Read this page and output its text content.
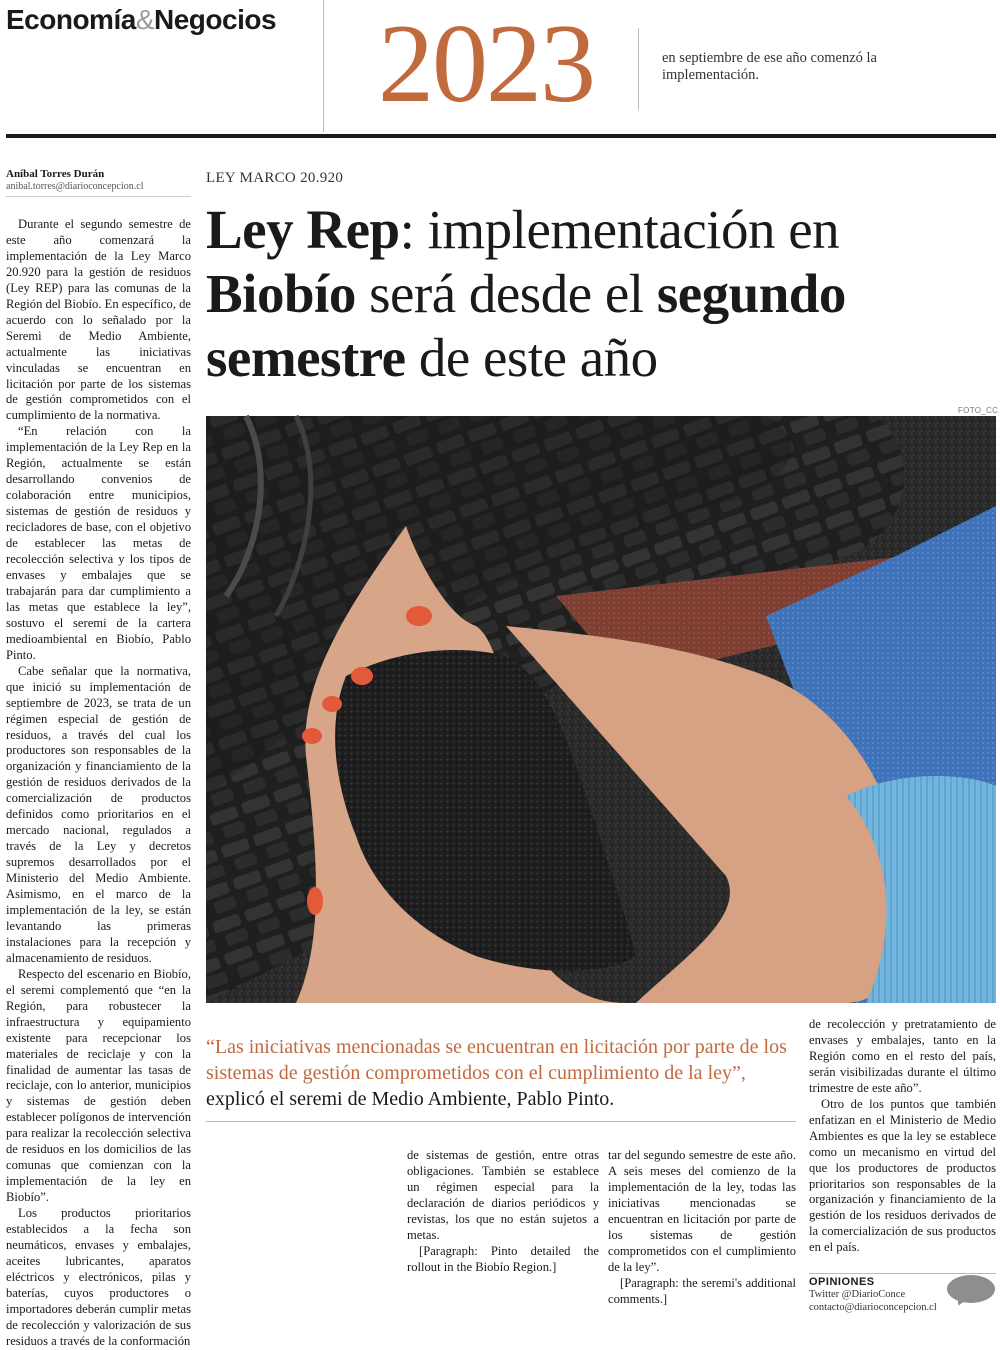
Economía&Negocios 2023	en septiembre de ese año comenzó la implementación.
Aníbal Torres Durán
anibal.torres@diarioconcepcion.cl

Durante el segundo semestre de este año comenzará la implementación de la Ley Marco 20.920 para la gestión de residuos (Ley REP) para las comunas de la Región del Biobío. En específico, de acuerdo con lo señalado por la Seremi de Medio Ambiente, actualmente las iniciativas vinculadas se encuentran en licitación por parte de los sistemas de gestión comprometidos con el cumplimiento de la normativa.

“En relación con la implementación de la Ley Rep en la Región, actualmente se están desarrollando convenios de colaboración entre municipios, sistemas de gestión de residuos y recicladores de base, con el objetivo de establecer las metas de recolección selectiva y los tipos de envases y embalajes que se trabajarán para dar cumplimiento a las metas que establece la ley”, sostuvo el seremi de la cartera medioambiental en Biobío, Pablo Pinto.

Cabe señalar que la normativa, que inició su implementación de septiembre de 2023, se trata de un régimen especial de gestión de residuos, a través del cual los productores son responsables de la organización y financiamiento de la gestión de residuos derivados de la comercialización de productos definidos como prioritarios en el mercado nacional, regulados a través de la Ley y decretos supremos desarrollados por el Ministerio del Medio Ambiente. Asimismo, en el marco de la implementación de la ley, se están levantando las primeras instalaciones para la recepción y almacenamiento de residuos.

Respecto del escenario en Biobío, el seremi complementó que “en la Región, para robustecer la infraestructura y equipamiento existente para recepcionar los materiales de reciclaje y con la finalidad de aumentar las tasas de reciclaje, con lo anterior, municipios y sistemas de gestión deben establecer polígonos de intervención para realizar la recolección selectiva de residuos en los domicilios de las comunas que comienzan con la implementación de la ley en Biobío”.

Los productos prioritarios establecidos a la fecha son neumáticos, envases y embalajes, aceites lubricantes, aparatos eléctricos y electrónicos, pilas y baterías, cuyos productores o importadores deberán cumplir metas de recolección y valorización de sus residuos a través de la conformación

LEY MARCO 20.920
Ley Rep: implementación en Biobío será desde el segundo semestre de este año
FOTO_CC
“Las iniciativas mencionadas se encuentran en licitación por parte de los sistemas de gestión comprometidos con el cumplimiento de la ley”, explicó el seremi de Medio Ambiente, Pablo Pinto.

de sistemas de gestión, entre otras obligaciones. También se establece un régimen especial para la declaración de diarios periódicos y revistas, los que no están sujetos a metas.

[Paragraph: Pinto detailed the rollout in the Biobío Region.]

tar del segundo semestre de este año. A seis meses del comienzo de la implementación de la ley, todas las iniciativas mencionadas se encuentran en licitación por parte de los sistemas de gestión comprometidos con el cumplimiento de la ley”.

[Paragraph: the seremi's additional comments.]

de recolección y pretratamiento de envases y embalajes, tanto en la Región como en el resto del país, serán visibilizadas durante el último trimestre de este año”.

Otro de los puntos que también enfatizan en el Ministerio de Medio Ambientes es que la ley se establece como un mecanismo en virtud del que los productores de productos prioritarios son responsables de la organización y financiamiento de la gestión de los residuos derivados de la comercialización de sus productos en el país.

OPINIONES
Twitter @DiarioConce
contacto@diarioconcepcion.cl
